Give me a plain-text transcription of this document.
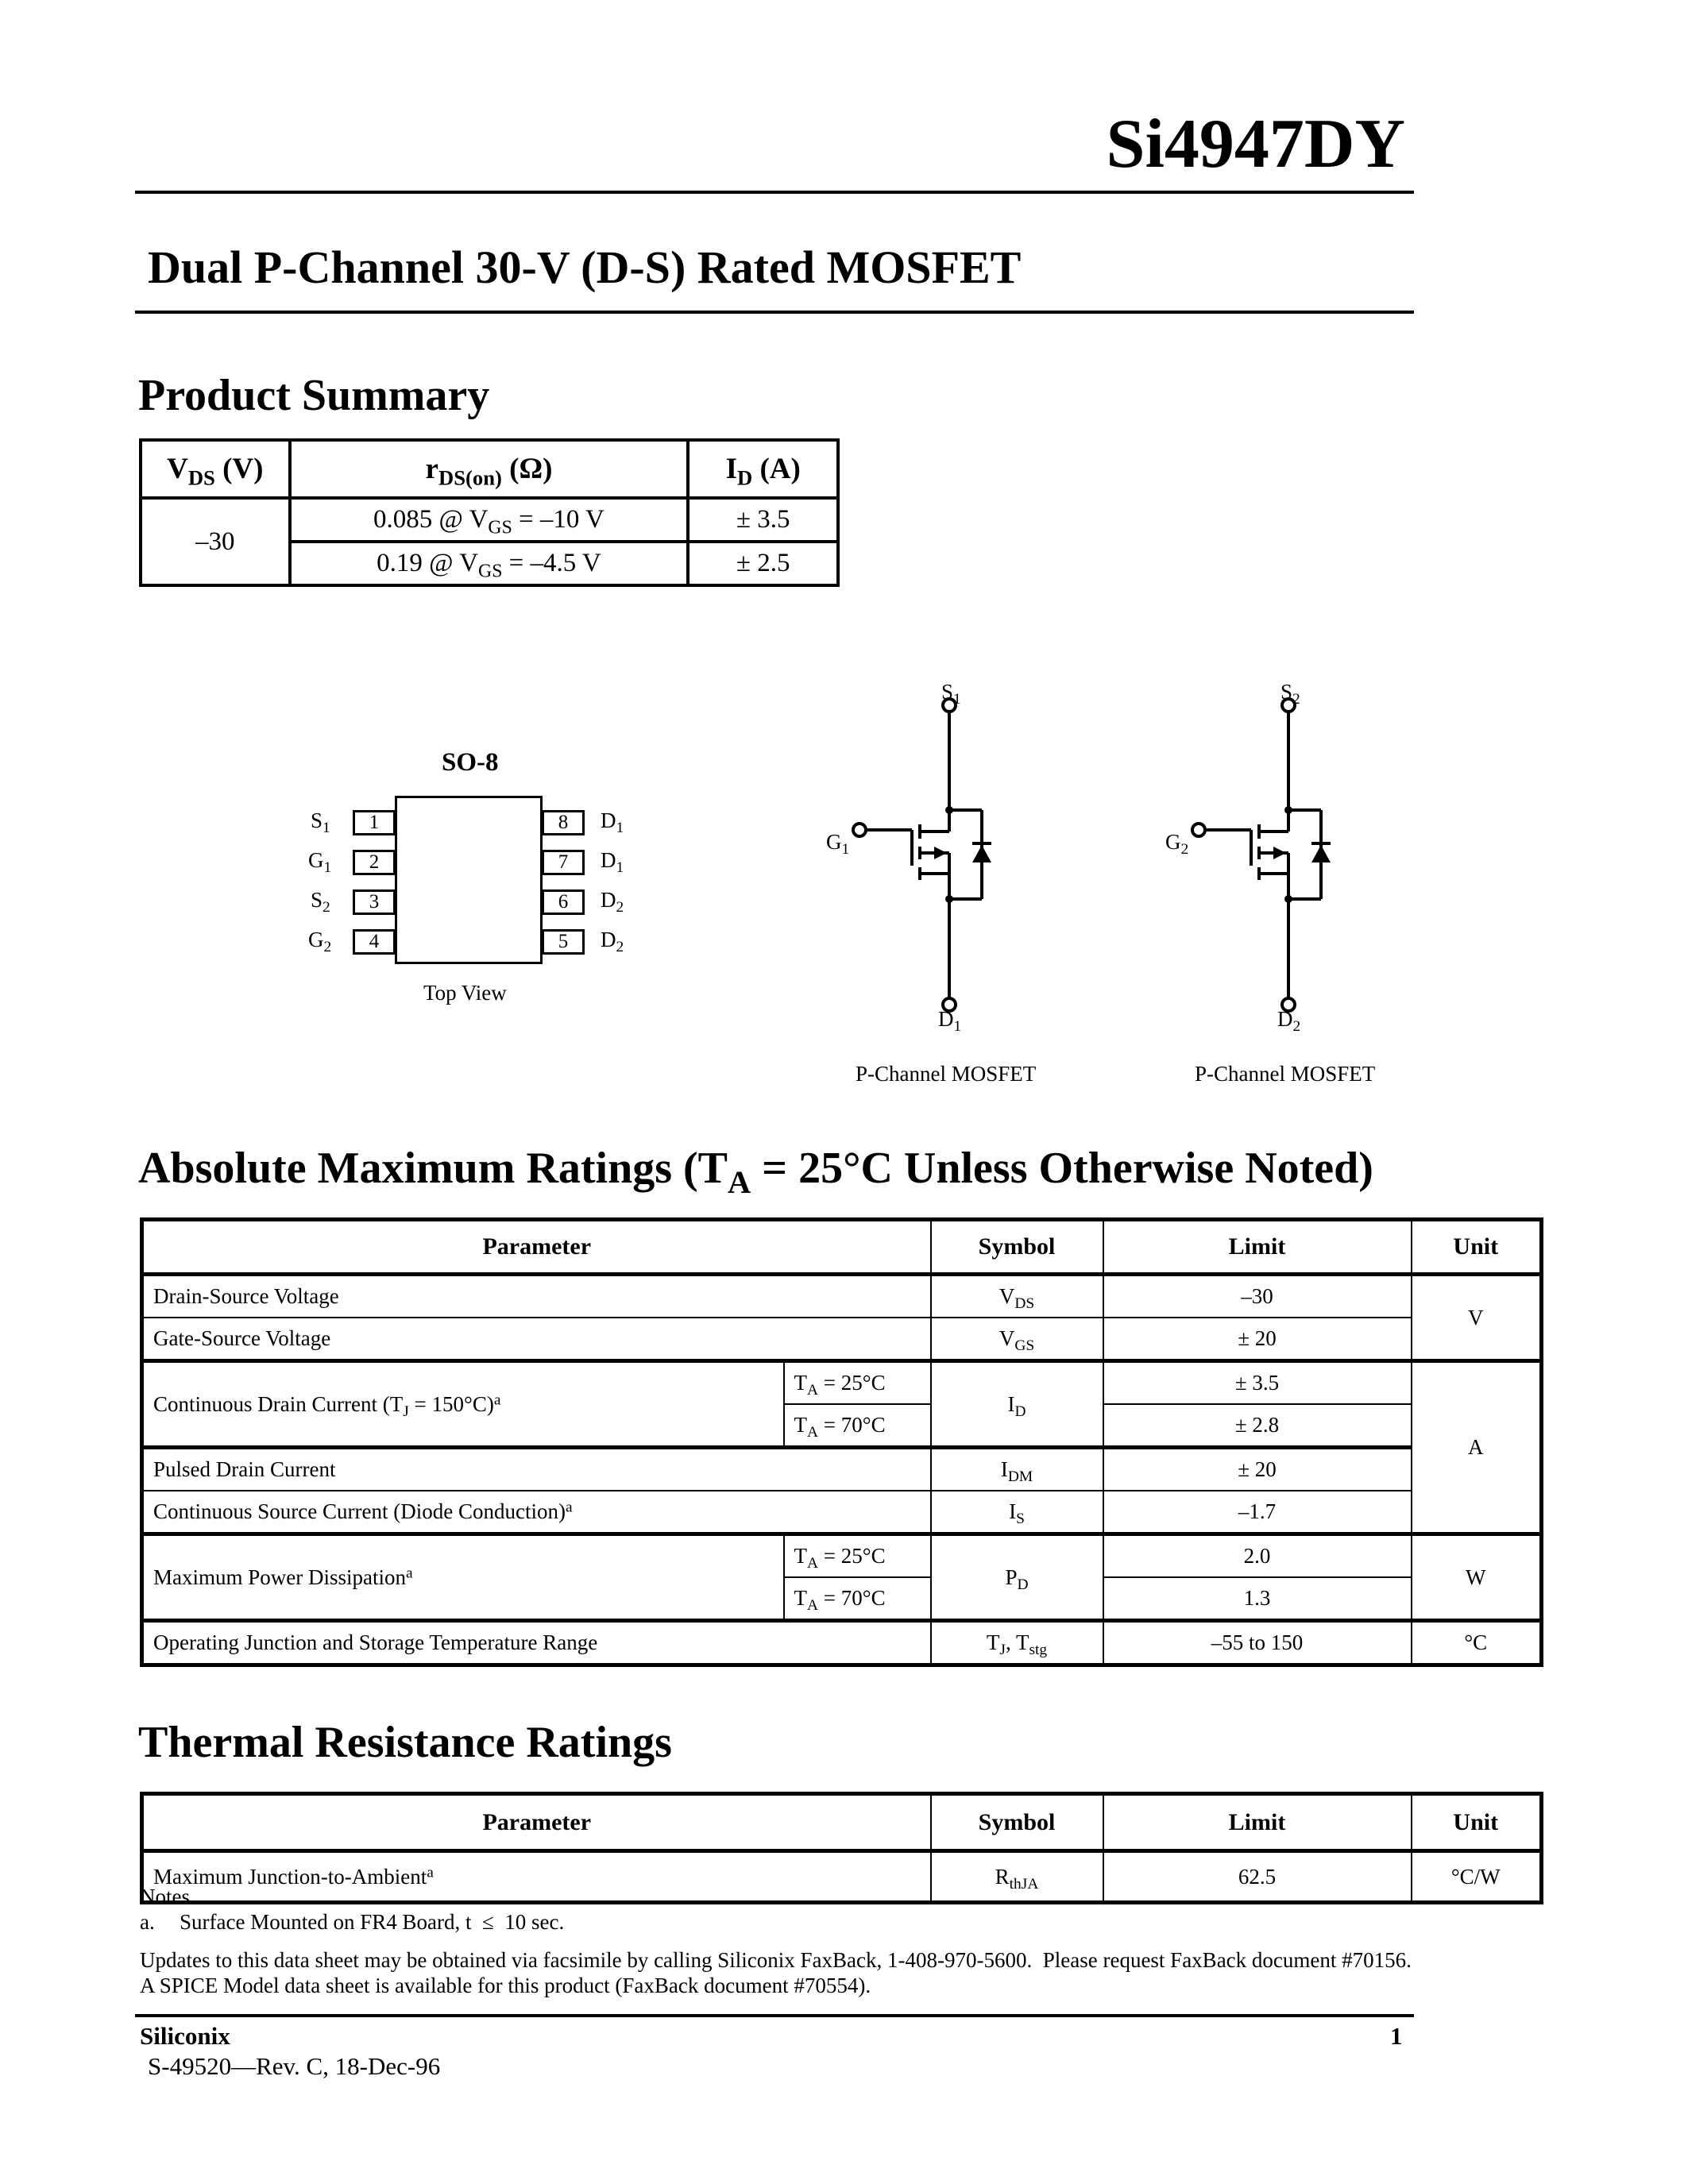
Si4947DY
Dual P-Channel 30-V (D-S) Rated MOSFET
Product Summary
$V_{DS}$ (V)	$r_{DS(on)}$ (Ω)	$I_D$ (A)
–30	0.085 @ $V_{GS} = -10$ V	± 3.5
	0.19 @ $V_{GS} = -4.5$ V	± 2.5
SO-8
1
2
3
4
$S_1$
$G_1$
$S_2$
$G_2$
8
7
6
5
$D_1$
$D_1$
$D_2$
$D_2$
Top View
$S_1$
$G_1$
$D_1$
P-Channel MOSFET
$S_2$
$G_2$
$D_2$
P-Channel MOSFET
Absolute Maximum Ratings ($T_A = 25^\circ C$ Unless Otherwise Noted)
Parameter		Symbol	Limit	Unit
Drain-Source Voltage		$V_{DS}$	–30	V
Gate-Source Voltage		$V_{GS}$	± 20	
Continuous Drain Current $(T_J = 150^\circ C)^a$	$T_A = 25^\circ C$	$I_D$	± 3.5	A
	$T_A = 70^\circ C$		± 2.8	
Pulsed Drain Current		$I_{DM}$	± 20	
Continuous Source Current (Diode Conduction)$^a$		$I_S$	–1.7	
Maximum Power Dissipation$^a$	$T_A = 25^\circ C$	$P_D$	2.0	W
	$T_A = 70^\circ C$		1.3	
Operating Junction and Storage Temperature Range		$T_J$, $T_{stg}$	–55 to 150	°C
Thermal Resistance Ratings
Parameter	Symbol	Limit	Unit
Maximum Junction-to-Ambient$^a$	$R_{thJA}$	62.5	°C/W
Notes
a. Surface Mounted on FR4 Board, t  ≤  10 sec.
Updates to this data sheet may be obtained via facsimile by calling Siliconix FaxBack, 1-408-970-5600.  Please request FaxBack document #70156.
A SPICE Model data sheet is available for this product (FaxBack document #70554).
Siliconix	1
S-49520—Rev. C, 18-Dec-96
